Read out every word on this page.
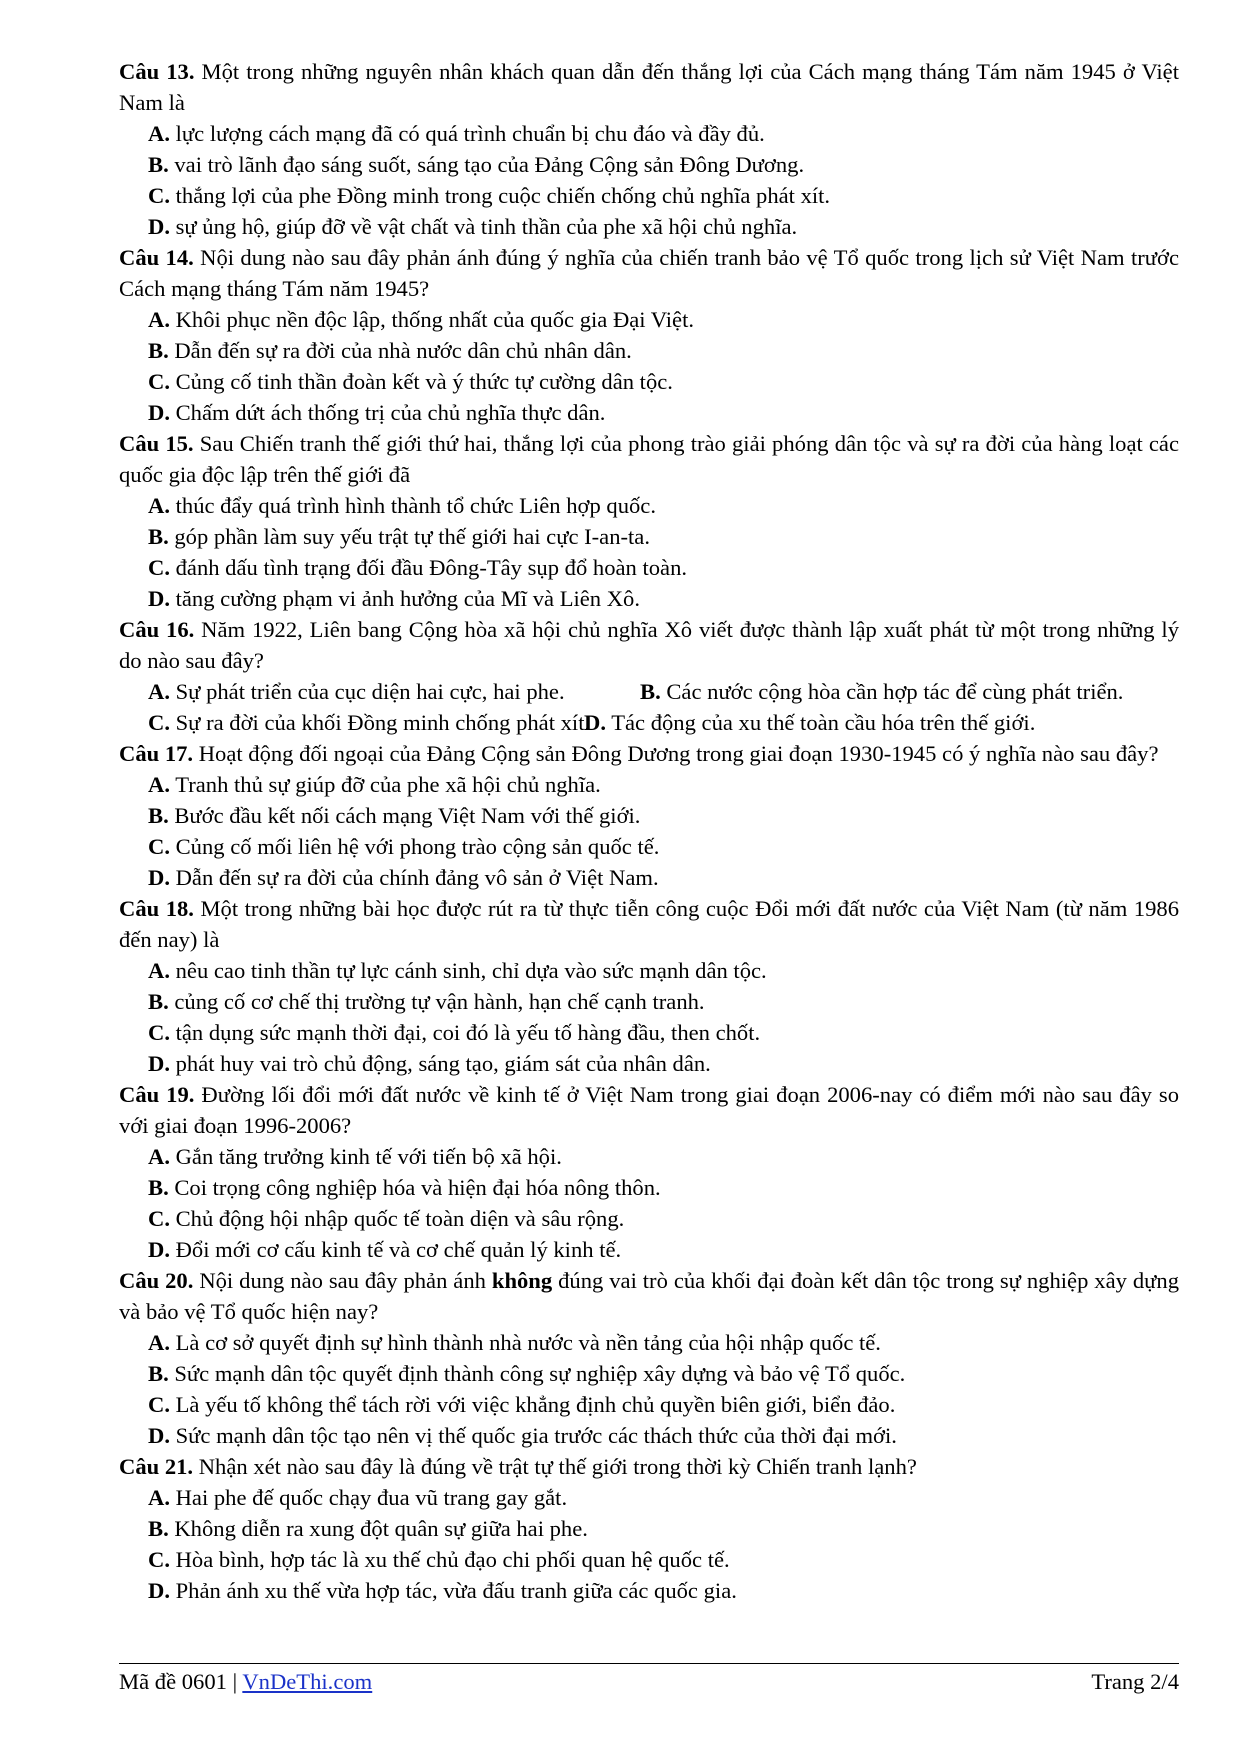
Câu 13. Một trong những nguyên nhân khách quan dẫn đến thắng lợi của Cách mạng tháng Tám năm 1945 ở Việt Nam là
A. lực lượng cách mạng đã có quá trình chuẩn bị chu đáo và đầy đủ.
B. vai trò lãnh đạo sáng suốt, sáng tạo của Đảng Cộng sản Đông Dương.
C. thắng lợi của phe Đồng minh trong cuộc chiến chống chủ nghĩa phát xít.
D. sự ủng hộ, giúp đỡ về vật chất và tinh thần của phe xã hội chủ nghĩa.
Câu 14. Nội dung nào sau đây phản ánh đúng ý nghĩa của chiến tranh bảo vệ Tổ quốc trong lịch sử Việt Nam trước Cách mạng tháng Tám năm 1945?
A. Khôi phục nền độc lập, thống nhất của quốc gia Đại Việt.
B. Dẫn đến sự ra đời của nhà nước dân chủ nhân dân.
C. Củng cố tinh thần đoàn kết và ý thức tự cường dân tộc.
D. Chấm dứt ách thống trị của chủ nghĩa thực dân.
Câu 15. Sau Chiến tranh thế giới thứ hai, thắng lợi của phong trào giải phóng dân tộc và sự ra đời của hàng loạt các quốc gia độc lập trên thế giới đã
A. thúc đẩy quá trình hình thành tổ chức Liên hợp quốc.
B. góp phần làm suy yếu trật tự thế giới hai cực I-an-ta.
C. đánh dấu tình trạng đối đầu Đông-Tây sụp đổ hoàn toàn.
D. tăng cường phạm vi ảnh hưởng của Mĩ và Liên Xô.
Câu 16. Năm 1922, Liên bang Cộng hòa xã hội chủ nghĩa Xô viết được thành lập xuất phát từ một trong những lý do nào sau đây?
A. Sự phát triển của cục diện hai cực, hai phe.	B. Các nước cộng hòa cần hợp tác để cùng phát triển.
C. Sự ra đời của khối Đồng minh chống phát xít.
D. Tác động của xu thế toàn cầu hóa trên thế giới.
Câu 17. Hoạt động đối ngoại của Đảng Cộng sản Đông Dương trong giai đoạn 1930-1945 có ý nghĩa nào sau đây?
A. Tranh thủ sự giúp đỡ của phe xã hội chủ nghĩa.
B. Bước đầu kết nối cách mạng Việt Nam với thế giới.
C. Củng cố mối liên hệ với phong trào cộng sản quốc tế.
D. Dẫn đến sự ra đời của chính đảng vô sản ở Việt Nam.
Câu 18. Một trong những bài học được rút ra từ thực tiễn công cuộc Đổi mới đất nước của Việt Nam (từ năm 1986 đến nay) là
A. nêu cao tinh thần tự lực cánh sinh, chỉ dựa vào sức mạnh dân tộc.
B. củng cố cơ chế thị trường tự vận hành, hạn chế cạnh tranh.
C. tận dụng sức mạnh thời đại, coi đó là yếu tố hàng đầu, then chốt.
D. phát huy vai trò chủ động, sáng tạo, giám sát của nhân dân.
Câu 19. Đường lối đổi mới đất nước về kinh tế ở Việt Nam trong giai đoạn 2006-nay có điểm mới nào sau đây so với giai đoạn 1996-2006?
A. Gắn tăng trưởng kinh tế với tiến bộ xã hội.
B. Coi trọng công nghiệp hóa và hiện đại hóa nông thôn.
C. Chủ động hội nhập quốc tế toàn diện và sâu rộng.
D. Đổi mới cơ cấu kinh tế và cơ chế quản lý kinh tế.
Câu 20. Nội dung nào sau đây phản ánh không đúng vai trò của khối đại đoàn kết dân tộc trong sự nghiệp xây dựng và bảo vệ Tổ quốc hiện nay?
A. Là cơ sở quyết định sự hình thành nhà nước và nền tảng của hội nhập quốc tế.
B. Sức mạnh dân tộc quyết định thành công sự nghiệp xây dựng và bảo vệ Tổ quốc.
C. Là yếu tố không thể tách rời với việc khẳng định chủ quyền biên giới, biển đảo.
D. Sức mạnh dân tộc tạo nên vị thế quốc gia trước các thách thức của thời đại mới.
Câu 21. Nhận xét nào sau đây là đúng về trật tự thế giới trong thời kỳ Chiến tranh lạnh?
A. Hai phe đế quốc chạy đua vũ trang gay gắt.
B. Không diễn ra xung đột quân sự giữa hai phe.
C. Hòa bình, hợp tác là xu thế chủ đạo chi phối quan hệ quốc tế.
D. Phản ánh xu thế vừa hợp tác, vừa đấu tranh giữa các quốc gia.
Mã đề 0601 | VnDeThi.com	Trang 2/4
